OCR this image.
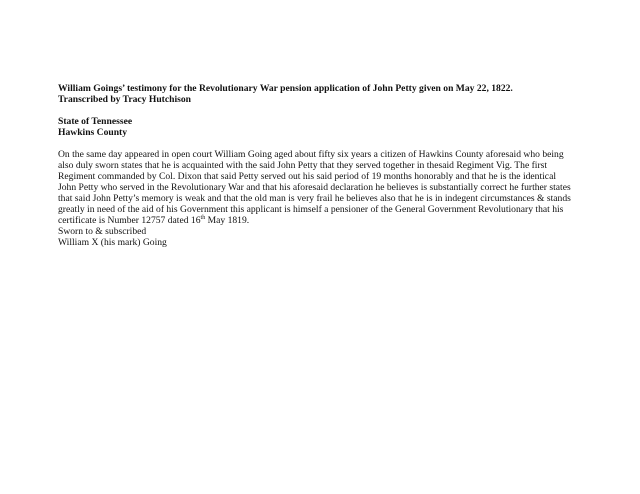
William Goings’ testimony for the Revolutionary War pension application of John Petty given on May 22, 1822.
Transcribed by Tracy Hutchison
State of Tennessee
Hawkins County
On the same day appeared in open court William Going aged about fifty six years a citizen of Hawkins County aforesaid who being
also duly sworn states that he is acquainted with the said John Petty that they served together in thesaid Regiment Vig. The first
Regiment commanded by Col. Dixon that said Petty served out his said period of 19 months honorably and that he is the identical
John Petty who served in the Revolutionary War and that his aforesaid declaration he believes is substantially correct he further states
that said John Petty’s memory is weak and that the old man is very frail he believes also that he is in indegent circumstances & stands
greatly in need of the aid of his Government this applicant is himself a pensioner of the General Government Revolutionary that his
certificate is Number 12757 dated 16th May 1819.
Sworn to & subscribed
William X (his mark) Going
